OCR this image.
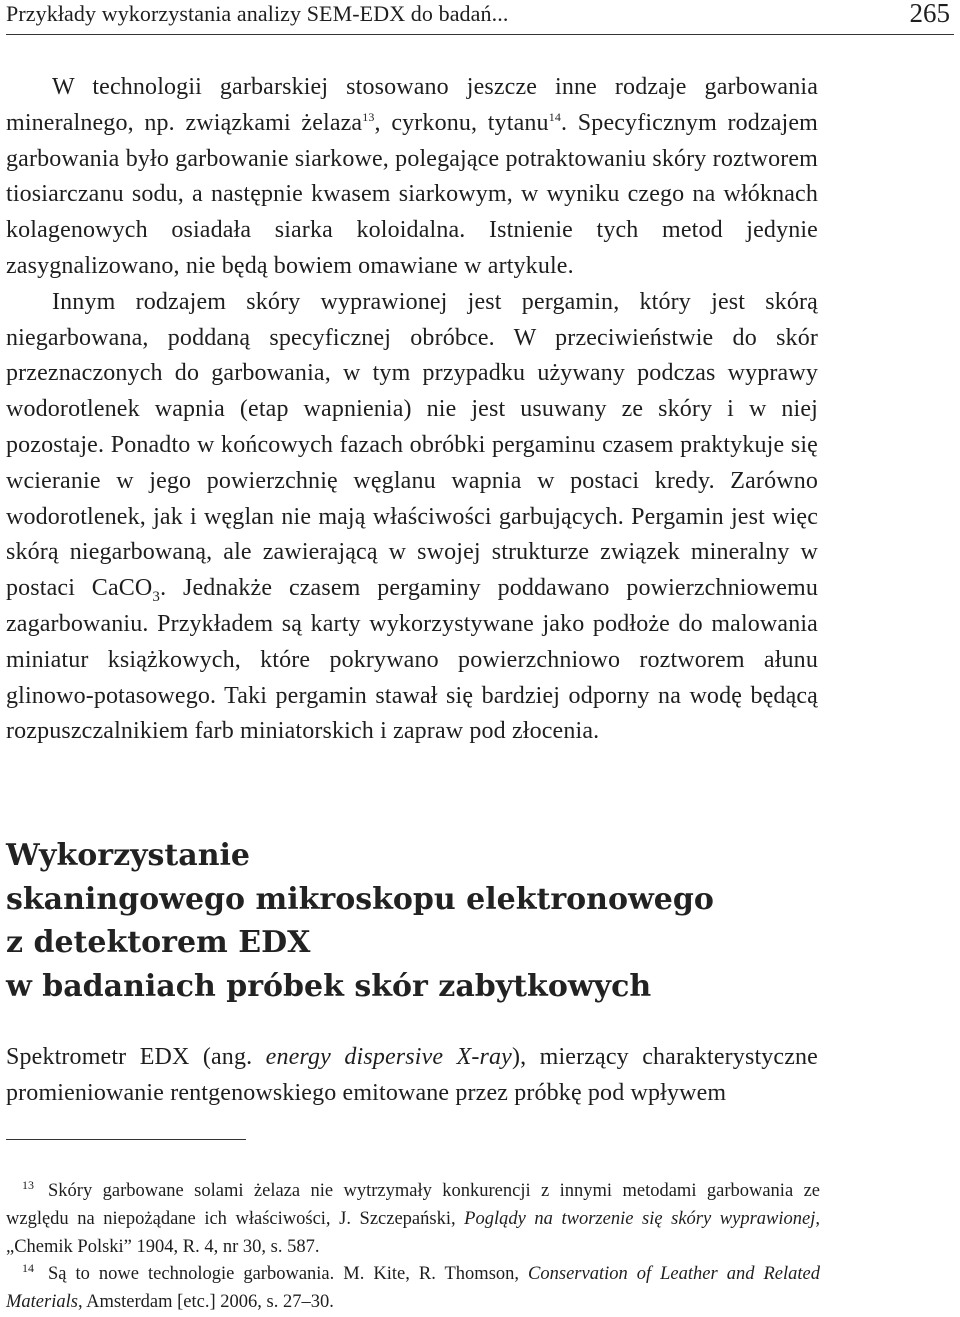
Przykłady wykorzystania analizy SEM-EDX do badań...	265

W technologii garbarskiej stosowano jeszcze inne rodzaje garbowania mineralnego, np. związkami żelaza$^{13}$, cyrkonu, tytanu$^{14}$. Specyficznym rodzajem garbowania było garbowanie siarkowe, polegające potraktowaniu skóry roztworem tiosiarczanu sodu, a następnie kwasem siarkowym, w wyniku czego na włóknach kolagenowych osiadała siarka koloidalna. Istnienie tych metod jedynie zasygnalizowano, nie będą bowiem omawiane w artykule.

Innym rodzajem skóry wyprawionej jest pergamin, który jest skórą niegarbowana, poddaną specyficznej obróbce. W przeciwieństwie do skór przeznaczonych do garbowania, w tym przypadku używany podczas wyprawy wodorotlenek wapnia (etap wapnienia) nie jest usuwany ze skóry i w niej pozostaje. Ponadto w końcowych fazach obróbki pergaminu czasem praktykuje się wcieranie w jego powierzchnię węglanu wapnia w postaci kredy. Zarówno wodorotlenek, jak i węglan nie mają właściwości garbujących. Pergamin jest więc skórą niegarbowaną, ale zawierającą w swojej strukturze związek mineralny w postaci CaCO$_3$. Jednakże czasem pergaminy poddawano powierzchniowemu zagarbowaniu. Przykładem są karty wykorzystywane jako podłoże do malowania miniatur książkowych, które pokrywano powierzchniowo roztworem ałunu glinowo-potasowego. Taki pergamin stawał się bardziej odporny na wodę będącą rozpuszczalnikiem farb miniatorskich i zapraw pod złocenia.

Wykorzystanie
skaningowego mikroskopu elektronowego
z detektorem EDX
w badaniach próbek skór zabytkowych

Spektrometr EDX (ang. energy dispersive X-ray), mierzący charakterystyczne promieniowanie rentgenowskiego emitowane przez próbkę pod wpływem

$^{13}$ Skóry garbowane solami żelaza nie wytrzymały konkurencji z innymi metodami garbowania ze względu na niepożądane ich właściwości, J. Szczepański, Poglądy na tworzenie się skóry wyprawionej, „Chemik Polski” 1904, R. 4, nr 30, s. 587.

$^{14}$ Są to nowe technologie garbowania. M. Kite, R. Thomson, Conservation of Leather and Related Materials, Amsterdam [etc.] 2006, s. 27–30.
